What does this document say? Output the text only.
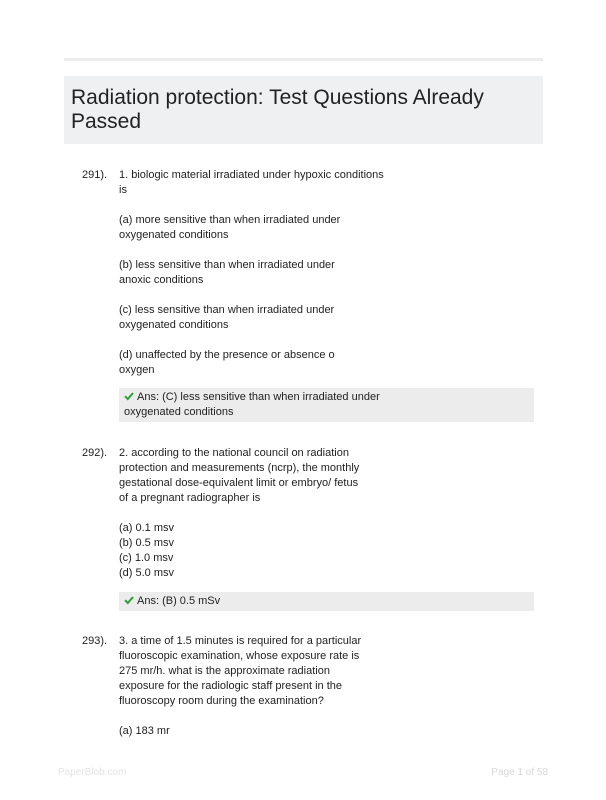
Radiation protection: Test Questions Already
Passed
291). 1. biologic material irradiated under hypoxic conditions
is

(a) more sensitive than when irradiated under
oxygenated conditions

(b) less sensitive than when irradiated under
anoxic conditions

(c) less sensitive than when irradiated under
oxygenated conditions

(d) unaffected by the presence or absence o
oxygen

Ans: (C) less sensitive than when irradiated under
oxygenated conditions
292). 2. according to the national council on radiation
protection and measurements (ncrp), the monthly
gestational dose-equivalent limit or embryo/ fetus
of a pregnant radiographer is

(a) 0.1 msv
(b) 0.5 msv
(c) 1.0 msv
(d) 5.0 msv

Ans: (B) 0.5 mSv
293). 3. a time of 1.5 minutes is required for a particular
fluoroscopic examination, whose exposure rate is
275 mr/h. what is the approximate radiation
exposure for the radiologic staff present in the
fluoroscopy room during the examination?

(a) 183 mr

PaperBlob.com	Page 1 of 58
